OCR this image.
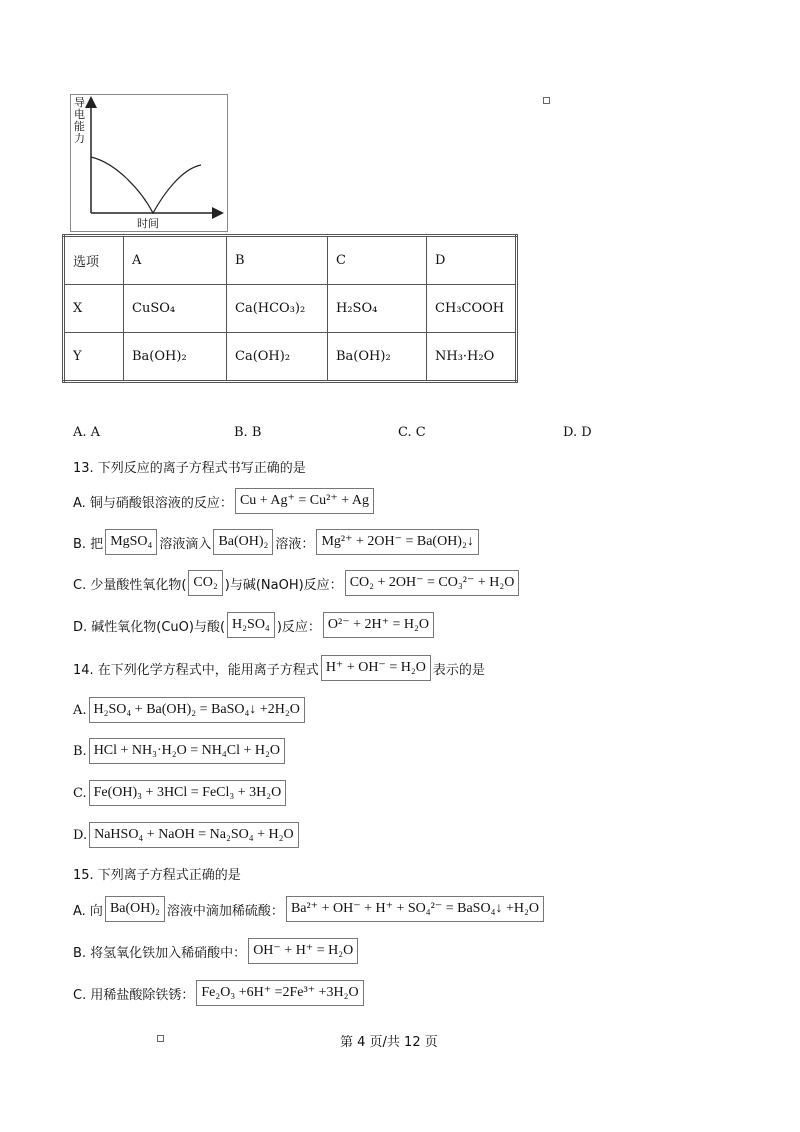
导电能力
时间
选项	A	B	C	D
X	CuSO₄	Ca(HCO₃)₂	H₂SO₄	CH₃COOH
Y	Ba(OH)₂	Ca(OH)₂	Ba(OH)₂	NH₃·H₂O
A. A	B. B	C. C	D. D
13. 下列反应的离子方程式书写正确的是
A. 铜与硝酸银溶液的反应： Cu + Ag⁺ = Cu²⁺ + Ag
B. 把 MgSO₄ 溶液滴入 Ba(OH)₂ 溶液： Mg²⁺ + 2OH⁻ = Ba(OH)₂↓
C. 少量酸性氧化物( CO₂ )与碱(NaOH)反应： CO₂ + 2OH⁻ = CO₃²⁻ + H₂O
D. 碱性氧化物(CuO)与酸( H₂SO₄ )反应： O²⁻ + 2H⁺ = H₂O
14. 在下列化学方程式中，能用离子方程式 H⁺ + OH⁻ = H₂O 表示的是
A. H₂SO₄ + Ba(OH)₂ = BaSO₄↓ +2H₂O
B. HCl + NH₃·H₂O = NH₄Cl + H₂O
C. Fe(OH)₃ + 3HCl = FeCl₃ + 3H₂O
D. NaHSO₄ + NaOH = Na₂SO₄ + H₂O
15. 下列离子方程式正确的是
A. 向 Ba(OH)₂ 溶液中滴加稀硫酸： Ba²⁺ + OH⁻ + H⁺ + SO₄²⁻ = BaSO₄↓ +H₂O
B. 将氢氧化铁加入稀硝酸中： OH⁻ + H⁺ = H₂O
C. 用稀盐酸除铁锈： Fe₂O₃ +6H⁺ =2Fe³⁺ +3H₂O
第 4 页/共 12 页
